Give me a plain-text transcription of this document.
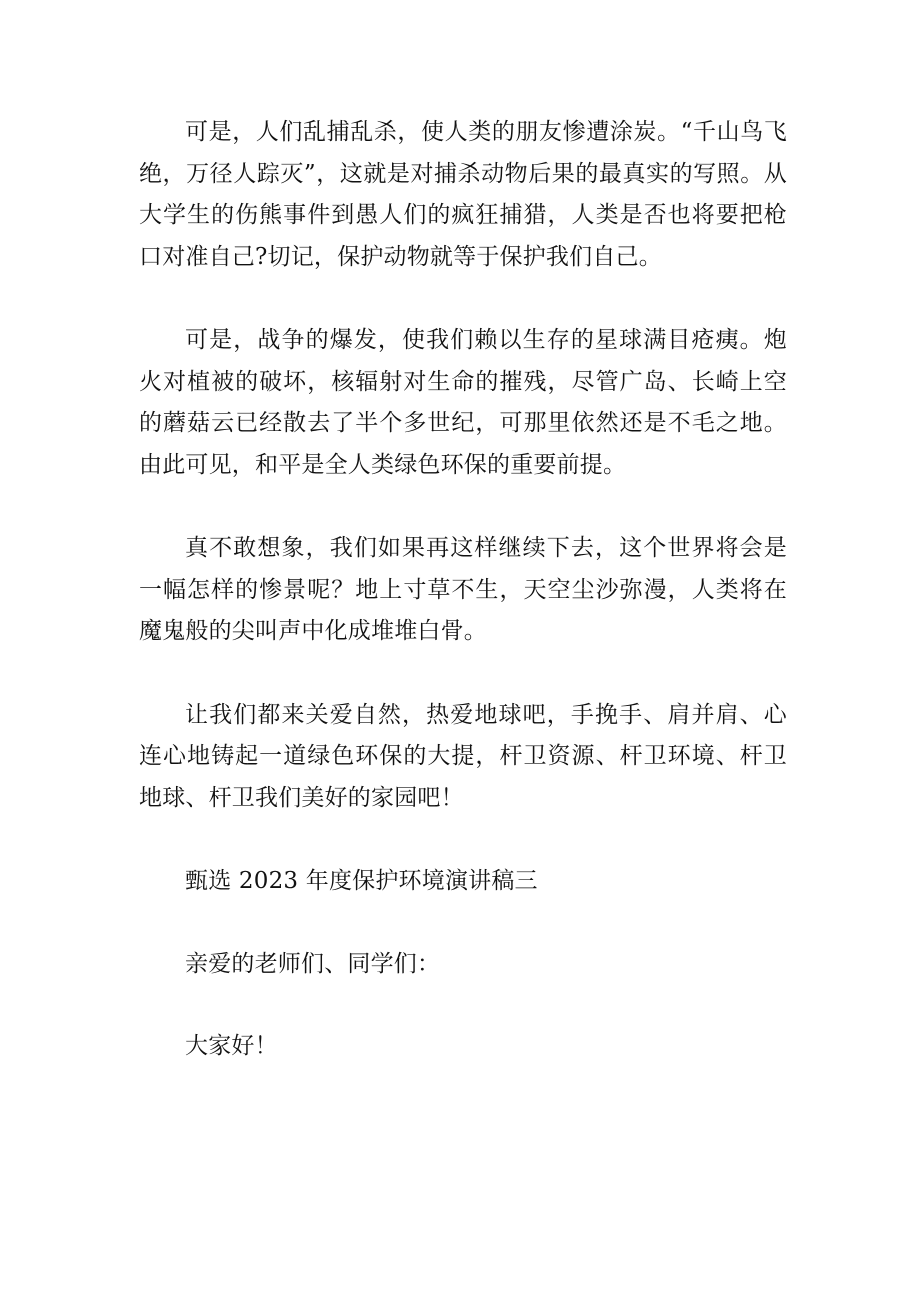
可是，人们乱捕乱杀，使人类的朋友惨遭涂炭。“千山鸟飞绝，万径人踪灭”，这就是对捕杀动物后果的最真实的写照。从大学生的伤熊事件到愚人们的疯狂捕猎，人类是否也将要把枪口对准自己?切记，保护动物就等于保护我们自己。

可是，战争的爆发，使我们赖以生存的星球满目疮痍。炮火对植被的破坏，核辐射对生命的摧残，尽管广岛、长崎上空的蘑菇云已经散去了半个多世纪，可那里依然还是不毛之地。由此可见，和平是全人类绿色环保的重要前提。

真不敢想象，我们如果再这样继续下去，这个世界将会是一幅怎样的惨景呢？地上寸草不生，天空尘沙弥漫，人类将在魔鬼般的尖叫声中化成堆堆白骨。

让我们都来关爱自然，热爱地球吧，手挽手、肩并肩、心连心地铸起一道绿色环保的大提，杆卫资源、杆卫环境、杆卫地球、杆卫我们美好的家园吧！

甄选 2023 年度保护环境演讲稿三

亲爱的老师们、同学们：

大家好！
